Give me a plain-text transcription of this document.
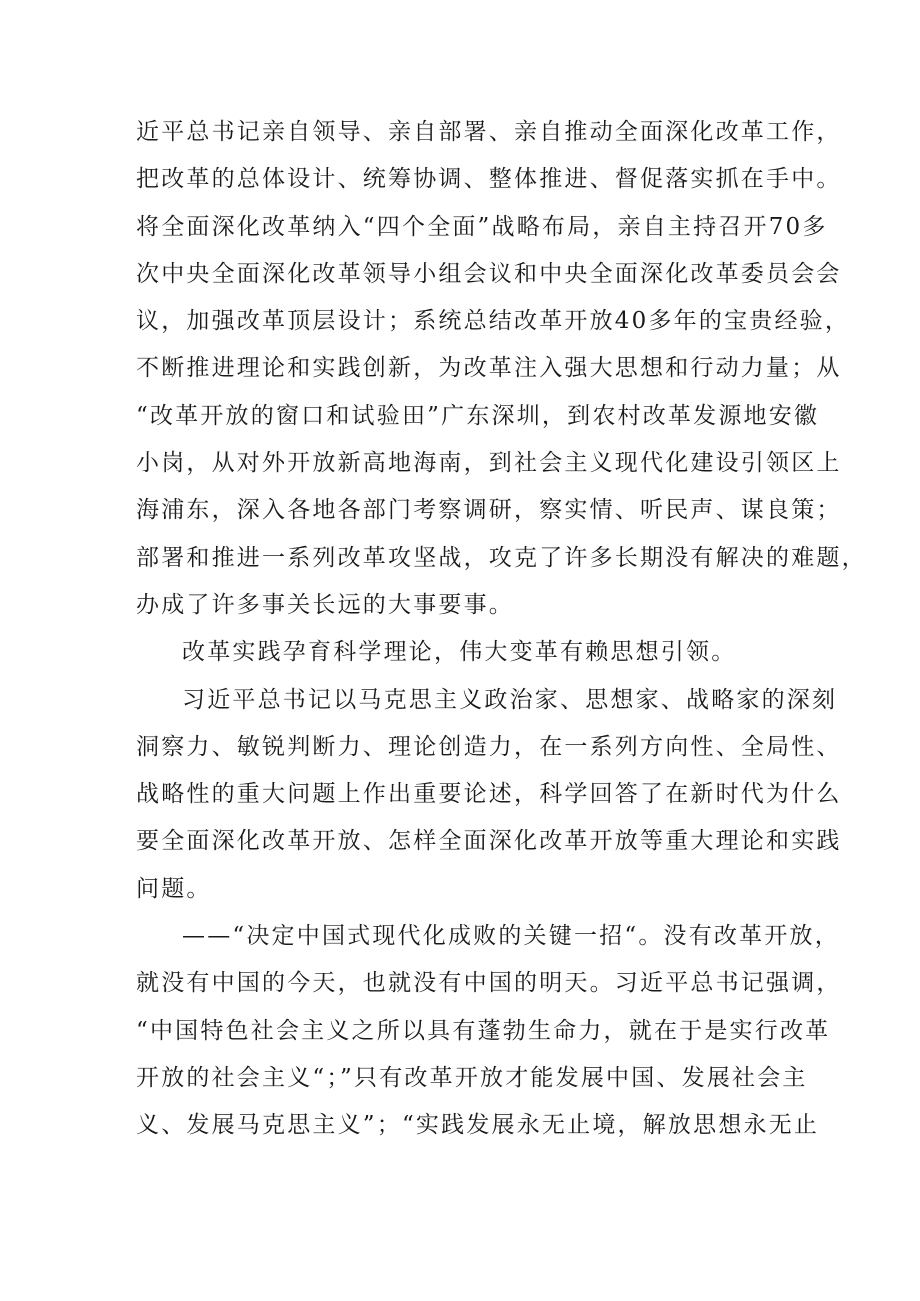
近平总书记亲自领导、亲自部署、亲自推动全面深化改革工作，
把改革的总体设计、统筹协调、整体推进、督促落实抓在手中。
将全面深化改革纳入“四个全面”战略布局，亲自主持召开70多
次中央全面深化改革领导小组会议和中央全面深化改革委员会会
议，加强改革顶层设计；系统总结改革开放40多年的宝贵经验，
不断推进理论和实践创新，为改革注入强大思想和行动力量；从
“改革开放的窗口和试验田”广东深圳，到农村改革发源地安徽
小岗，从对外开放新高地海南，到社会主义现代化建设引领区上
海浦东，深入各地各部门考察调研，察实情、听民声、谋良策；
部署和推进一系列改革攻坚战，攻克了许多长期没有解决的难题，
办成了许多事关长远的大事要事。
改革实践孕育科学理论，伟大变革有赖思想引领。
习近平总书记以马克思主义政治家、思想家、战略家的深刻
洞察力、敏锐判断力、理论创造力，在一系列方向性、全局性、
战略性的重大问题上作出重要论述，科学回答了在新时代为什么
要全面深化改革开放、怎样全面深化改革开放等重大理论和实践
问题。
——“决定中国式现代化成败的关键一招“。没有改革开放，
就没有中国的今天，也就没有中国的明天。习近平总书记强调，
“中国特色社会主义之所以具有蓬勃生命力，就在于是实行改革
开放的社会主义“；”只有改革开放才能发展中国、发展社会主
义、发展马克思主义”；“实践发展永无止境，解放思想永无止
